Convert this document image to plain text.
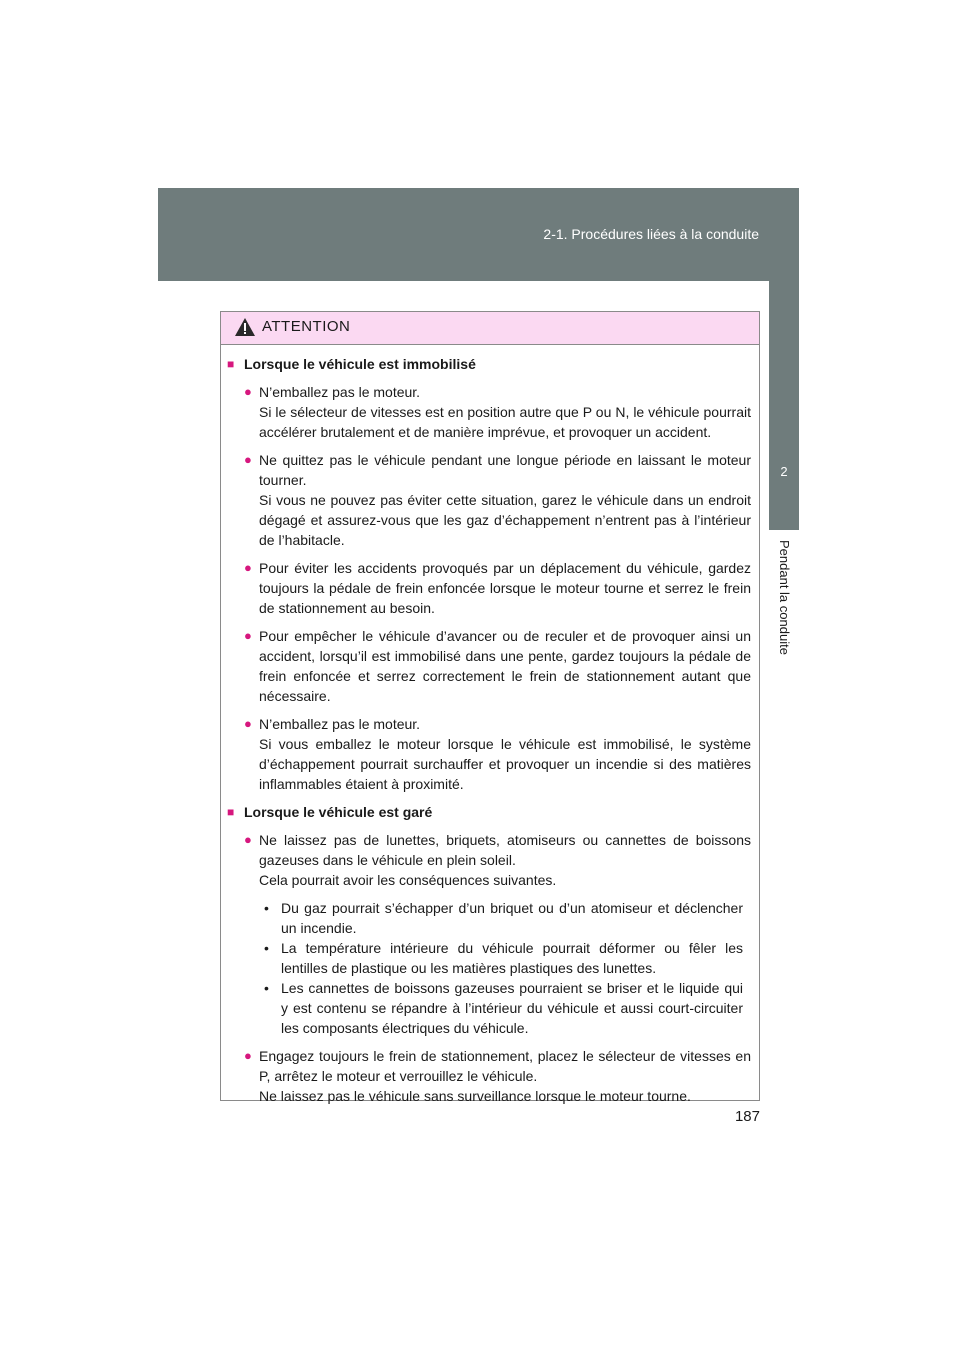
2-1. Procédures liées à la conduite
2
Pendant la conduite
ATTENTION
■ Lorsque le véhicule est immobilisé
● N’emballez pas le moteur.

Si le sélecteur de vitesses est en position autre que P ou N, le véhicule pourrait accélérer brutalement et de manière imprévue, et provoquer un accident.

● Ne quittez pas le véhicule pendant une longue période en laissant le moteur tourner.

Si vous ne pouvez pas éviter cette situation, garez le véhicule dans un endroit dégagé et assurez-vous que les gaz d’échappement n’entrent pas à l’intérieur de l’habitacle.

● Pour éviter les accidents provoqués par un déplacement du véhicule, gardez toujours la pédale de frein enfoncée lorsque le moteur tourne et serrez le frein de stationnement au besoin.

● Pour empêcher le véhicule d’avancer ou de reculer et de provoquer ainsi un accident, lorsqu’il est immobilisé dans une pente, gardez toujours la pédale de frein enfoncée et serrez correctement le frein de stationnement autant que nécessaire.

● N’emballez pas le moteur.

Si vous emballez le moteur lorsque le véhicule est immobilisé, le système d’échappement pourrait surchauffer et provoquer un incendie si des matières inflammables étaient à proximité.

■ Lorsque le véhicule est garé
● Ne laissez pas de lunettes, briquets, atomiseurs ou cannettes de boissons gazeuses dans le véhicule en plein soleil.

Cela pourrait avoir les conséquences suivantes.

• Du gaz pourrait s’échapper d’un briquet ou d’un atomiseur et déclencher un incendie.
• La température intérieure du véhicule pourrait déformer ou fêler les lentilles de plastique ou les matières plastiques des lunettes.
• Les cannettes de boissons gazeuses pourraient se briser et le liquide qui y est contenu se répandre à l’intérieur du véhicule et aussi court-circuiter les composants électriques du véhicule.
● Engagez toujours le frein de stationnement, placez le sélecteur de vitesses en P, arrêtez le moteur et verrouillez le véhicule.

Ne laissez pas le véhicule sans surveillance lorsque le moteur tourne.

187
